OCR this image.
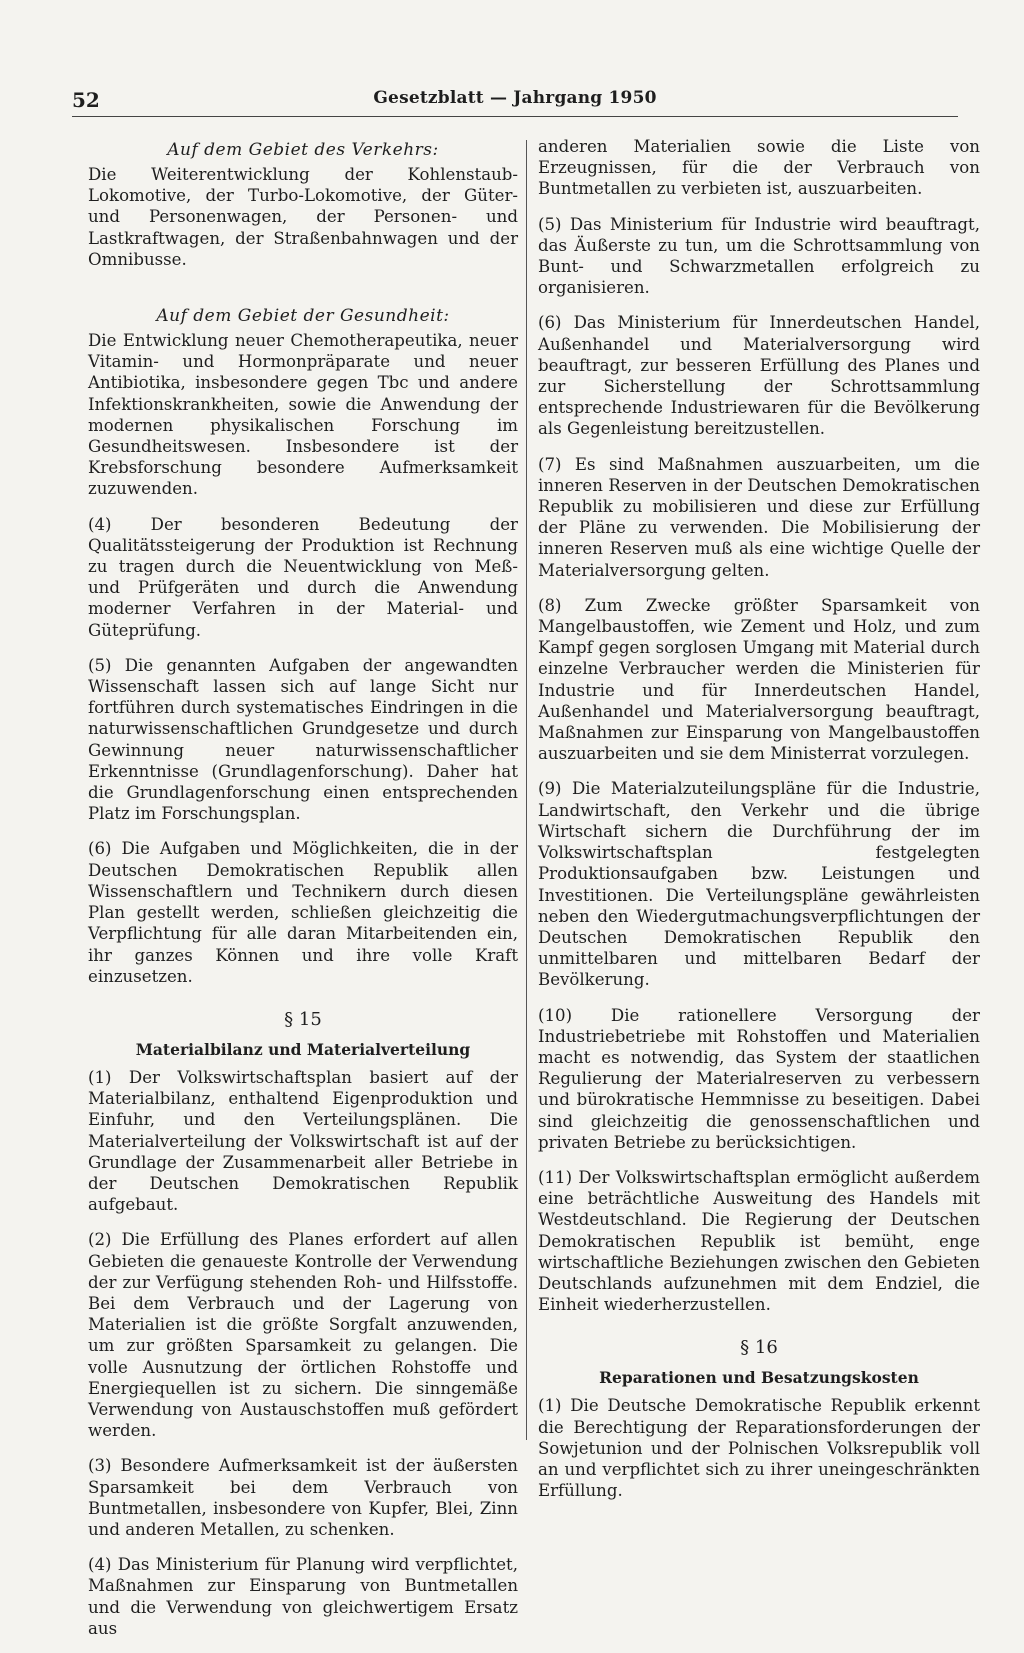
52	Gesetzblatt — Jahrgang 1950
Auf dem Gebiet des Verkehrs:

Die Weiterentwicklung der Kohlenstaub-Lokomotive, der Turbo-Lokomotive, der Güter- und Personenwagen, der Personen- und Lastkraftwagen, der Straßenbahnwagen und der Omnibusse.

Auf dem Gebiet der Gesundheit:

Die Entwicklung neuer Chemotherapeutika, neuer Vitamin- und Hormonpräparate und neuer Antibiotika, insbesondere gegen Tbc und andere Infektionskrankheiten, sowie die Anwendung der modernen physikalischen Forschung im Gesundheitswesen. Insbesondere ist der Krebsforschung besondere Aufmerksamkeit zuzuwenden.

(4) Der besonderen Bedeutung der Qualitätssteigerung der Produktion ist Rechnung zu tragen durch die Neuentwicklung von Meß- und Prüfgeräten und durch die Anwendung moderner Verfahren in der Material- und Güteprüfung.

(5) Die genannten Aufgaben der angewandten Wissenschaft lassen sich auf lange Sicht nur fortführen durch systematisches Eindringen in die naturwissenschaftlichen Grundgesetze und durch Gewinnung neuer naturwissenschaftlicher Erkenntnisse (Grundlagenforschung). Daher hat die Grundlagenforschung einen entsprechenden Platz im Forschungsplan.

(6) Die Aufgaben und Möglichkeiten, die in der Deutschen Demokratischen Republik allen Wissenschaftlern und Technikern durch diesen Plan gestellt werden, schließen gleichzeitig die Verpflichtung für alle daran Mitarbeitenden ein, ihr ganzes Können und ihre volle Kraft einzusetzen.

§ 15
Materialbilanz und Materialverteilung

(1) Der Volkswirtschaftsplan basiert auf der Materialbilanz, enthaltend Eigenproduktion und Einfuhr, und den Verteilungsplänen. Die Materialverteilung der Volkswirtschaft ist auf der Grundlage der Zusammenarbeit aller Betriebe in der Deutschen Demokratischen Republik aufgebaut.

(2) Die Erfüllung des Planes erfordert auf allen Gebieten die genaueste Kontrolle der Verwendung der zur Verfügung stehenden Roh- und Hilfsstoffe. Bei dem Verbrauch und der Lagerung von Materialien ist die größte Sorgfalt anzuwenden, um zur größten Sparsamkeit zu gelangen. Die volle Ausnutzung der örtlichen Rohstoffe und Energiequellen ist zu sichern. Die sinngemäße Verwendung von Austauschstoffen muß gefördert werden.

(3) Besondere Aufmerksamkeit ist der äußersten Sparsamkeit bei dem Verbrauch von Buntmetallen, insbesondere von Kupfer, Blei, Zinn und anderen Metallen, zu schenken.

(4) Das Ministerium für Planung wird verpflichtet, Maßnahmen zur Einsparung von Buntmetallen und die Verwendung von gleichwertigem Ersatz aus

anderen Materialien sowie die Liste von Erzeugnissen, für die der Verbrauch von Buntmetallen zu verbieten ist, auszuarbeiten.

(5) Das Ministerium für Industrie wird beauftragt, das Äußerste zu tun, um die Schrottsammlung von Bunt- und Schwarzmetallen erfolgreich zu organisieren.

(6) Das Ministerium für Innerdeutschen Handel, Außenhandel und Materialversorgung wird beauftragt, zur besseren Erfüllung des Planes und zur Sicherstellung der Schrottsammlung entsprechende Industriewaren für die Bevölkerung als Gegenleistung bereitzustellen.

(7) Es sind Maßnahmen auszuarbeiten, um die inneren Reserven in der Deutschen Demokratischen Republik zu mobilisieren und diese zur Erfüllung der Pläne zu verwenden. Die Mobilisierung der inneren Reserven muß als eine wichtige Quelle der Materialversorgung gelten.

(8) Zum Zwecke größter Sparsamkeit von Mangelbaustoffen, wie Zement und Holz, und zum Kampf gegen sorglosen Umgang mit Material durch einzelne Verbraucher werden die Ministerien für Industrie und für Innerdeutschen Handel, Außenhandel und Materialversorgung beauftragt, Maßnahmen zur Einsparung von Mangelbaustoffen auszuarbeiten und sie dem Ministerrat vorzulegen.

(9) Die Materialzuteilungspläne für die Industrie, Landwirtschaft, den Verkehr und die übrige Wirtschaft sichern die Durchführung der im Volkswirtschaftsplan festgelegten Produktionsaufgaben bzw. Leistungen und Investitionen. Die Verteilungspläne gewährleisten neben den Wiedergutmachungsverpflichtungen der Deutschen Demokratischen Republik den unmittelbaren und mittelbaren Bedarf der Bevölkerung.

(10) Die rationellere Versorgung der Industriebetriebe mit Rohstoffen und Materialien macht es notwendig, das System der staatlichen Regulierung der Materialreserven zu verbessern und bürokratische Hemmnisse zu beseitigen. Dabei sind gleichzeitig die genossenschaftlichen und privaten Betriebe zu berücksichtigen.

(11) Der Volkswirtschaftsplan ermöglicht außerdem eine beträchtliche Ausweitung des Handels mit Westdeutschland. Die Regierung der Deutschen Demokratischen Republik ist bemüht, enge wirtschaftliche Beziehungen zwischen den Gebieten Deutschlands aufzunehmen mit dem Endziel, die Einheit wiederherzustellen.

§ 16
Reparationen und Besatzungskosten

(1) Die Deutsche Demokratische Republik erkennt die Berechtigung der Reparationsforderungen der Sowjetunion und der Polnischen Volksrepublik voll an und verpflichtet sich zu ihrer uneingeschränkten Erfüllung.
